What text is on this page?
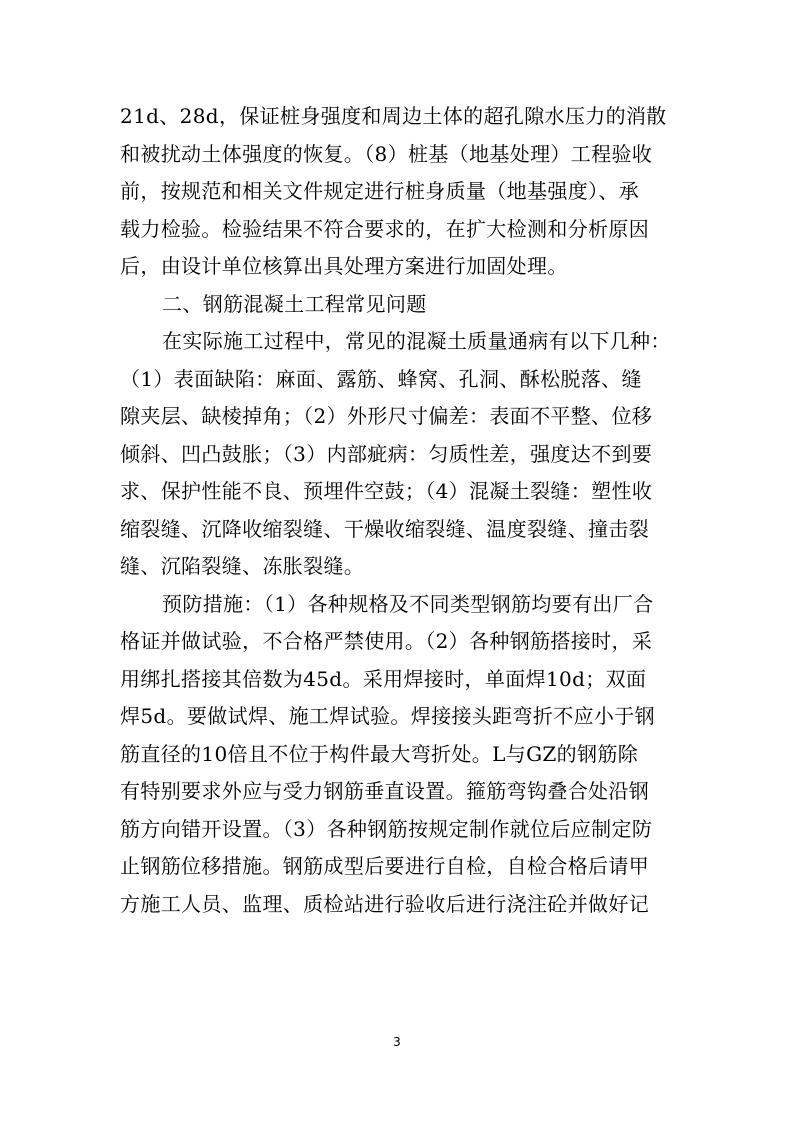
21d、28d，保证桩身强度和周边土体的超孔隙水压力的消散
和被扰动土体强度的恢复。（8）桩基（地基处理）工程验收
前，按规范和相关文件规定进行桩身质量（地基强度）、承
载力检验。检验结果不符合要求的，在扩大检测和分析原因
后，由设计单位核算出具处理方案进行加固处理。
二、钢筋混凝土工程常见问题
在实际施工过程中，常见的混凝土质量通病有以下几种：
（1）表面缺陷：麻面、露筋、蜂窝、孔洞、酥松脱落、缝
隙夹层、缺棱掉角；（2）外形尺寸偏差：表面不平整、位移
倾斜、凹凸鼓胀；（3）内部疵病：匀质性差，强度达不到要
求、保护性能不良、预埋件空鼓；（4）混凝土裂缝：塑性收
缩裂缝、沉降收缩裂缝、干燥收缩裂缝、温度裂缝、撞击裂
缝、沉陷裂缝、冻胀裂缝。
预防措施：（1）各种规格及不同类型钢筋均要有出厂合
格证并做试验，不合格严禁使用。（2）各种钢筋搭接时，采
用绑扎搭接其倍数为45d。采用焊接时，单面焊10d；双面
焊5d。要做试焊、施工焊试验。焊接接头距弯折不应小于钢
筋直径的10倍且不位于构件最大弯折处。L与GZ的钢筋除
有特别要求外应与受力钢筋垂直设置。箍筋弯钩叠合处沿钢
筋方向错开设置。（3）各种钢筋按规定制作就位后应制定防
止钢筋位移措施。钢筋成型后要进行自检，自检合格后请甲
方施工人员、监理、质检站进行验收后进行浇注砼并做好记
3
